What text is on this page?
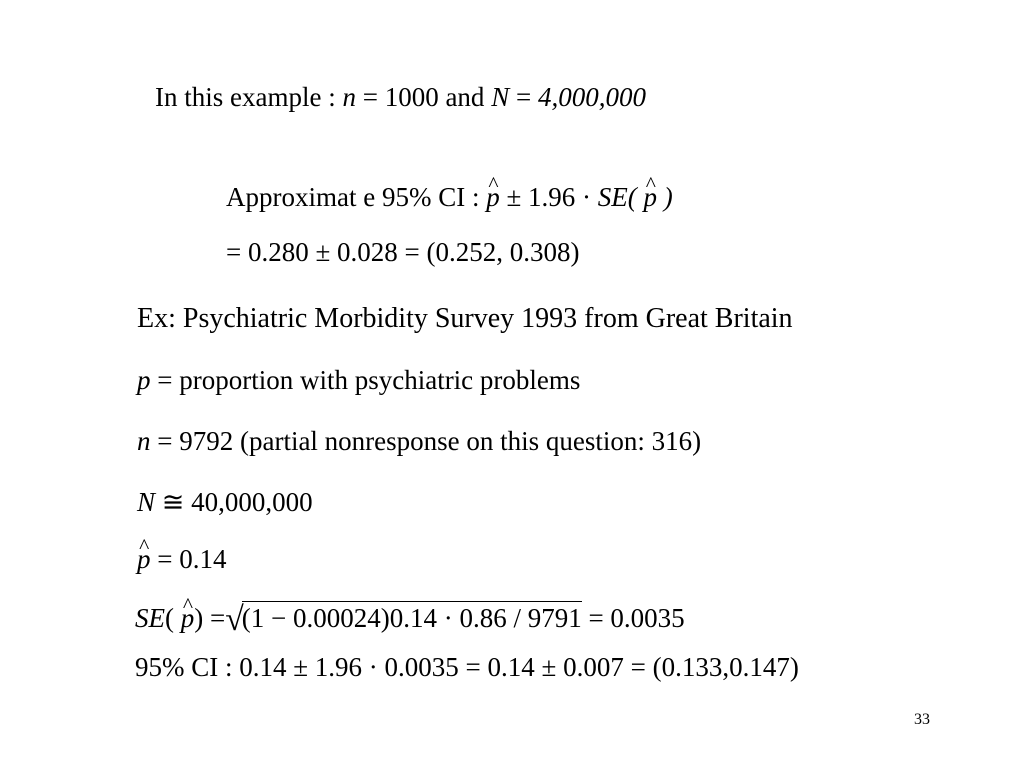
In this example : n = 1000 and N = 4,000,000
Approximat e 95% CI : ^ p ± 1.96 · SE( ^ p )
= 0.280 ± 0.028 = (0.252, 0.308)
Ex: Psychiatric Morbidity Survey 1993 from Great Britain
p = proportion with psychiatric problems
n = 9792 (partial nonresponse on this question: 316)
N ≅ 40,000,000
^ p = 0.14
SE( ^ p) =√(1 − 0.00024)0.14 · 0.86 / 9791 = 0.0035
95% CI : 0.14 ± 1.96 · 0.0035 = 0.14 ± 0.007 = (0.133,0.147)
33
